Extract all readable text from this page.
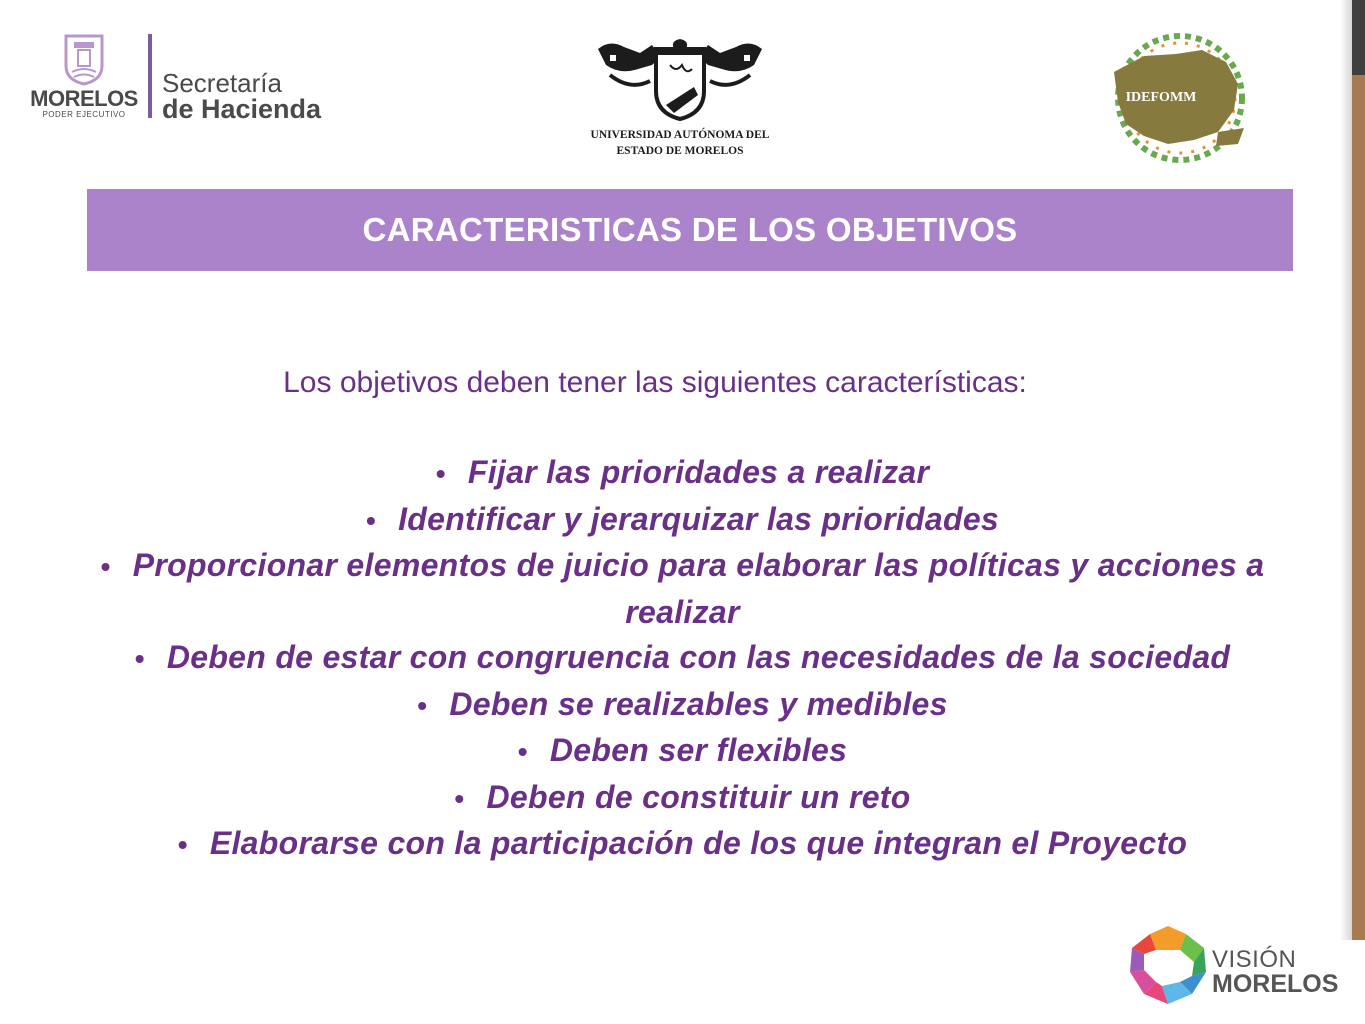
MORELOS
PODER EJECUTIVO
Secretaría
de Hacienda
UNIVERSIDAD AUTÓNOMA DEL
ESTADO DE MORELOS
IDEFOMM
CARACTERISTICAS DE LOS OBJETIVOS
Los objetivos deben tener las siguientes características:
• Fijar las prioridades a realizar
• Identificar y jerarquizar las prioridades
• Proporcionar elementos de juicio para elaborar las políticas y acciones a realizar
• Deben de estar con congruencia con las necesidades de la sociedad
• Deben se realizables y medibles
• Deben ser flexibles
• Deben de constituir un reto
• Elaborarse con la participación de los que integran el Proyecto
VISIÓN
MORELOS
